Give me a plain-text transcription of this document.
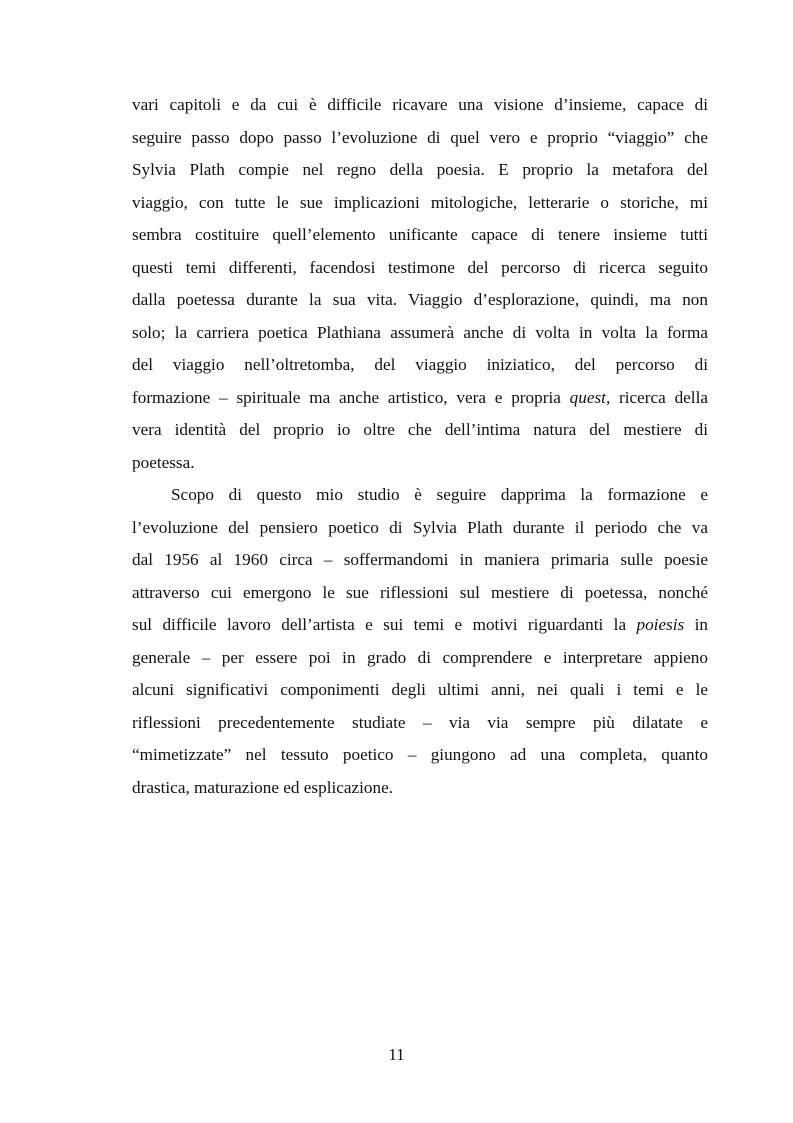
vari capitoli e da cui è difficile ricavare una visione d’insieme, capace di
seguire passo dopo passo l’evoluzione di quel vero e proprio “viaggio” che
Sylvia Plath compie nel regno della poesia. E proprio la metafora del
viaggio, con tutte le sue implicazioni mitologiche, letterarie o storiche, mi
sembra costituire quell’elemento unificante capace di tenere insieme tutti
questi temi differenti, facendosi testimone del percorso di ricerca seguito
dalla poetessa durante la sua vita. Viaggio d’esplorazione, quindi, ma non
solo; la carriera poetica Plathiana assumerà anche di volta in volta la forma
del viaggio nell’oltretomba, del viaggio iniziatico, del percorso di
formazione – spirituale ma anche artistico, vera e propria quest, ricerca della
vera identità del proprio io oltre che dell’intima natura del mestiere di
poetessa.
Scopo di questo mio studio è seguire dapprima la formazione e
l’evoluzione del pensiero poetico di Sylvia Plath durante il periodo che va
dal 1956 al 1960 circa – soffermandomi in maniera primaria sulle poesie
attraverso cui emergono le sue riflessioni sul mestiere di poetessa, nonché
sul difficile lavoro dell’artista e sui temi e motivi riguardanti la poiesis in
generale – per essere poi in grado di comprendere e interpretare appieno
alcuni significativi componimenti degli ultimi anni, nei quali i temi e le
riflessioni precedentemente studiate – via via sempre più dilatate e
“mimetizzate” nel tessuto poetico – giungono ad una completa, quanto
drastica, maturazione ed esplicazione.
11
